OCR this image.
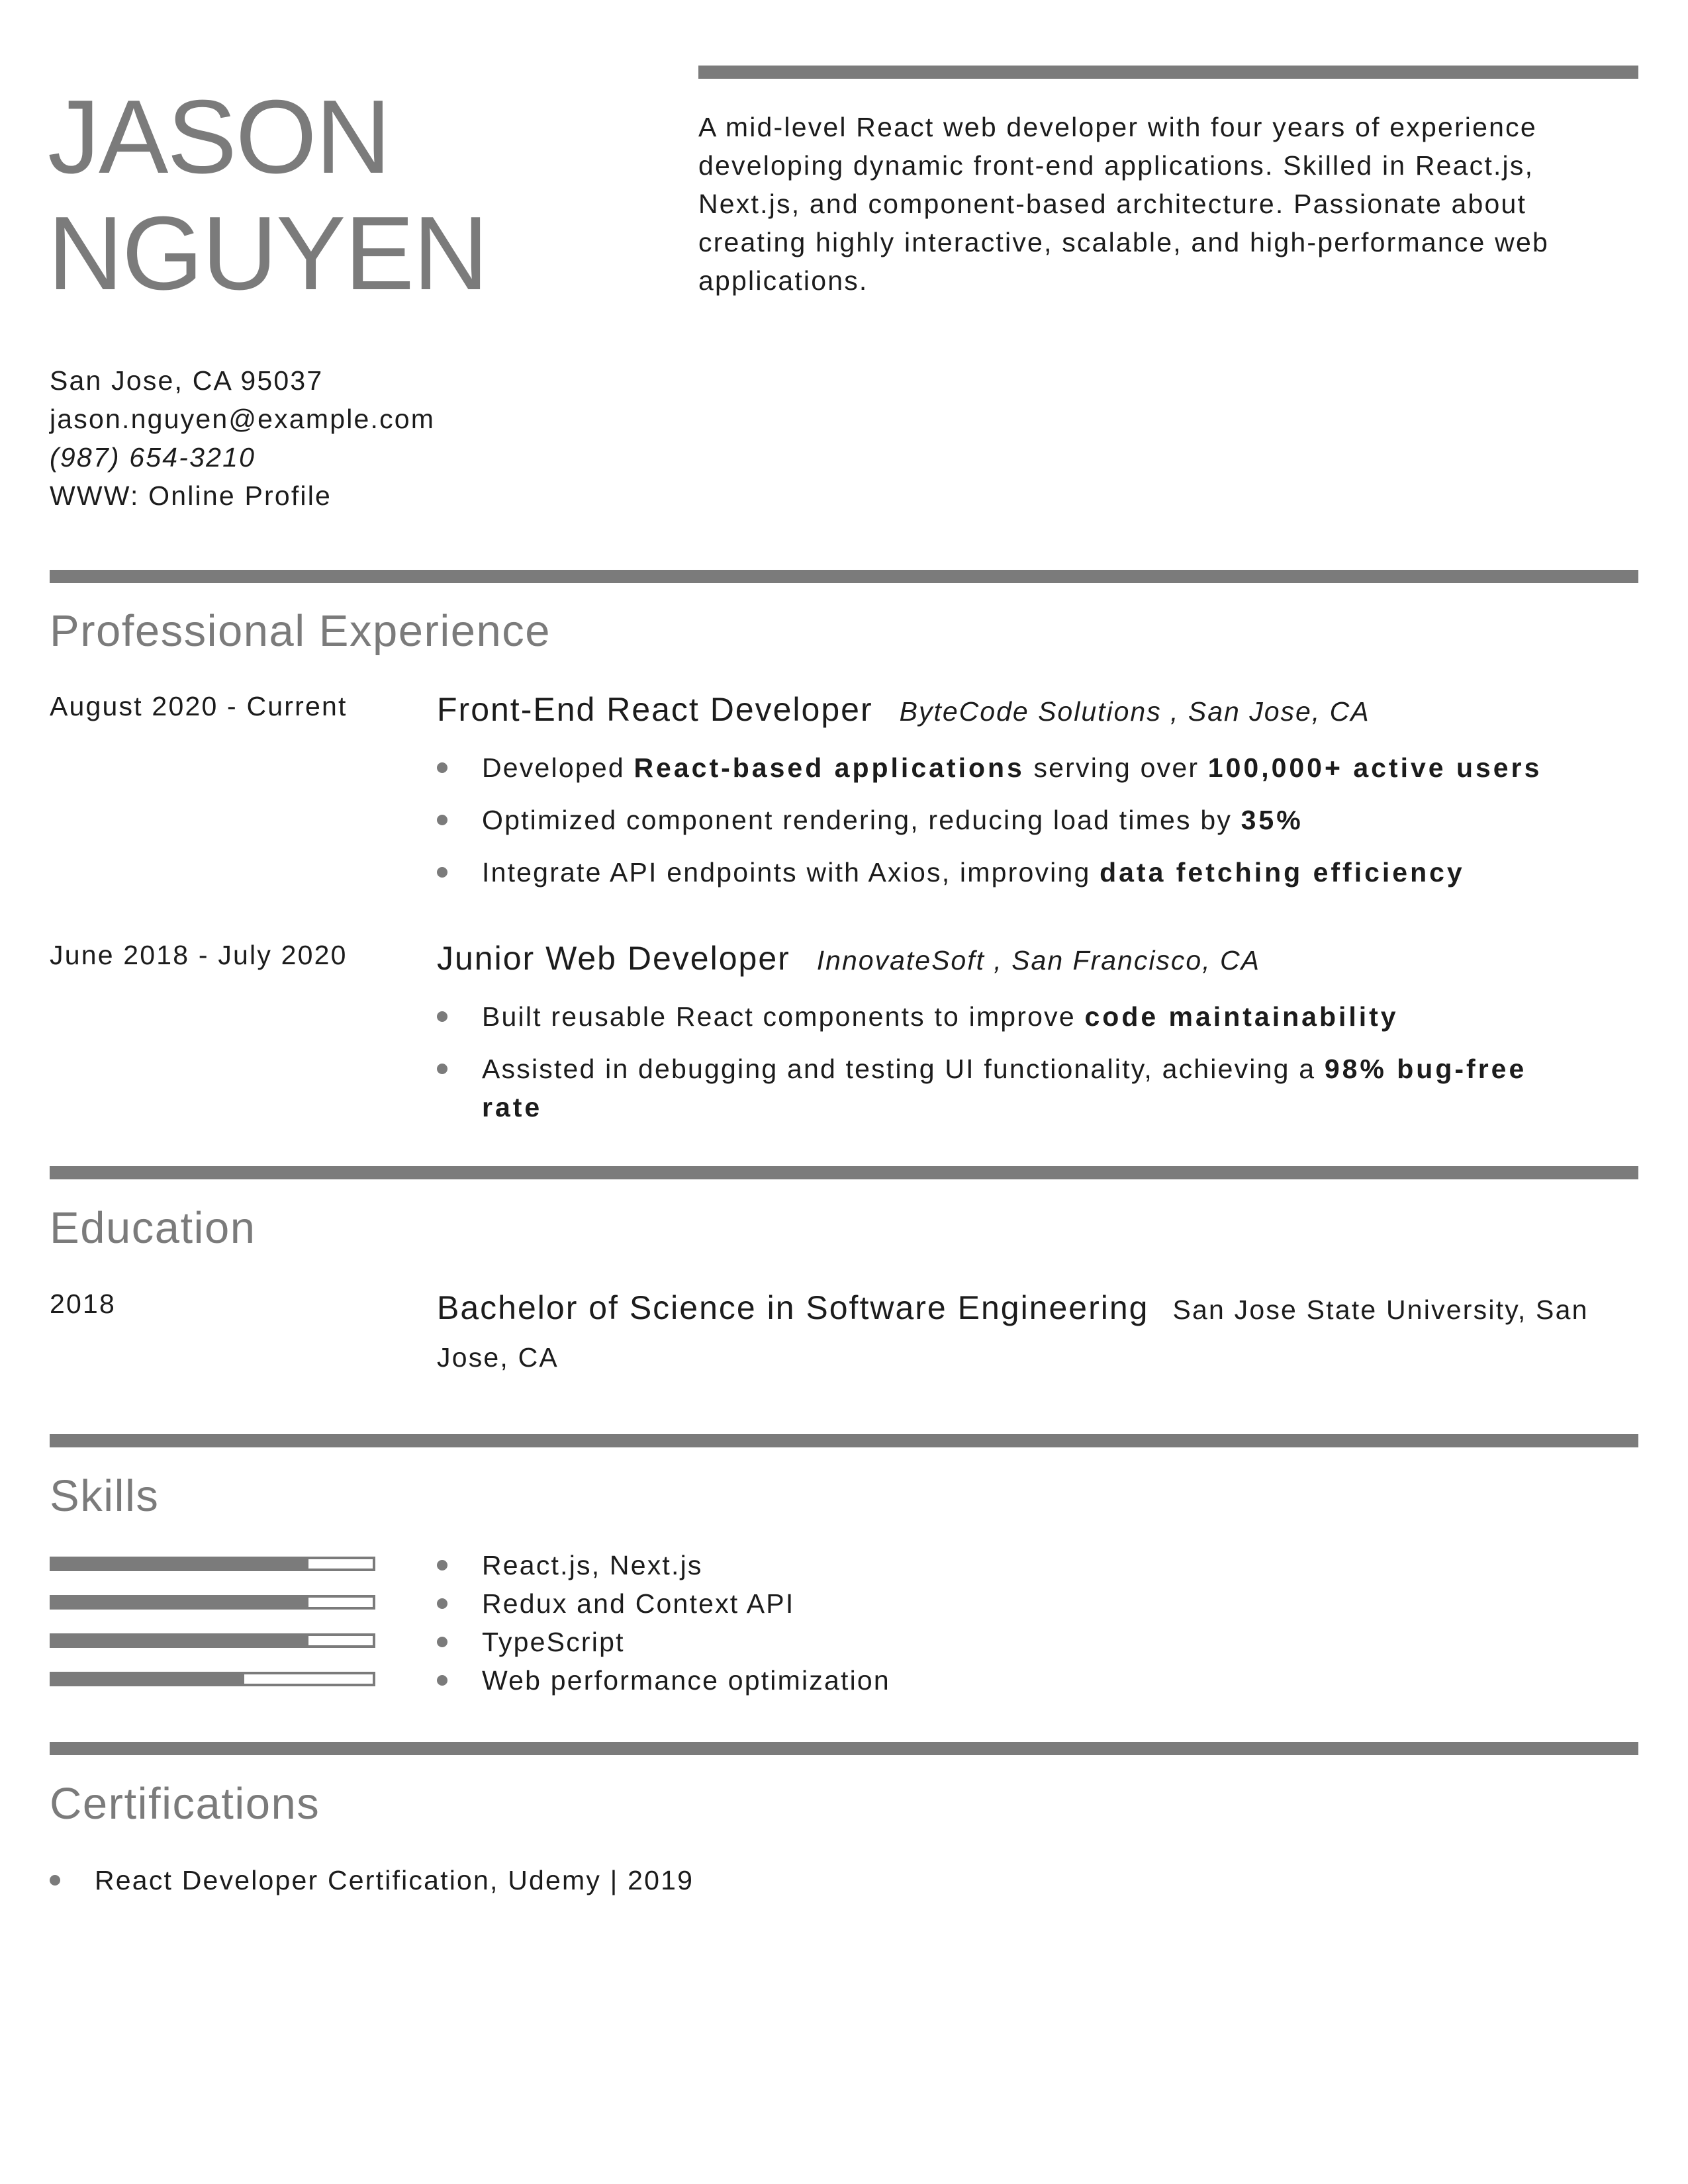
JASON
NGUYEN
A mid-level React web developer with four years of experience developing dynamic front-end applications. Skilled in React.js, Next.js, and component-based architecture. Passionate about creating highly interactive, scalable, and high-performance web applications.
San Jose, CA 95037
jason.nguyen@example.com
(987) 654-3210
WWW: Online Profile
Professional Experience
August 2020 - Current	Front-End React Developer ByteCode Solutions , San Jose, CA
Developed React-based applications serving over 100,000+ active users
Optimized component rendering, reducing load times by 35%
Integrate API endpoints with Axios, improving data fetching efficiency
June 2018 - July 2020	Junior Web Developer InnovateSoft , San Francisco, CA
Built reusable React components to improve code maintainability
Assisted in debugging and testing UI functionality, achieving a 98% bug-free rate
Education
2018	Bachelor of Science in Software Engineering San Jose State University, San Jose, CA
Skills
React.js, Next.js
Redux and Context API
TypeScript
Web performance optimization
Certifications
React Developer Certification, Udemy | 2019
